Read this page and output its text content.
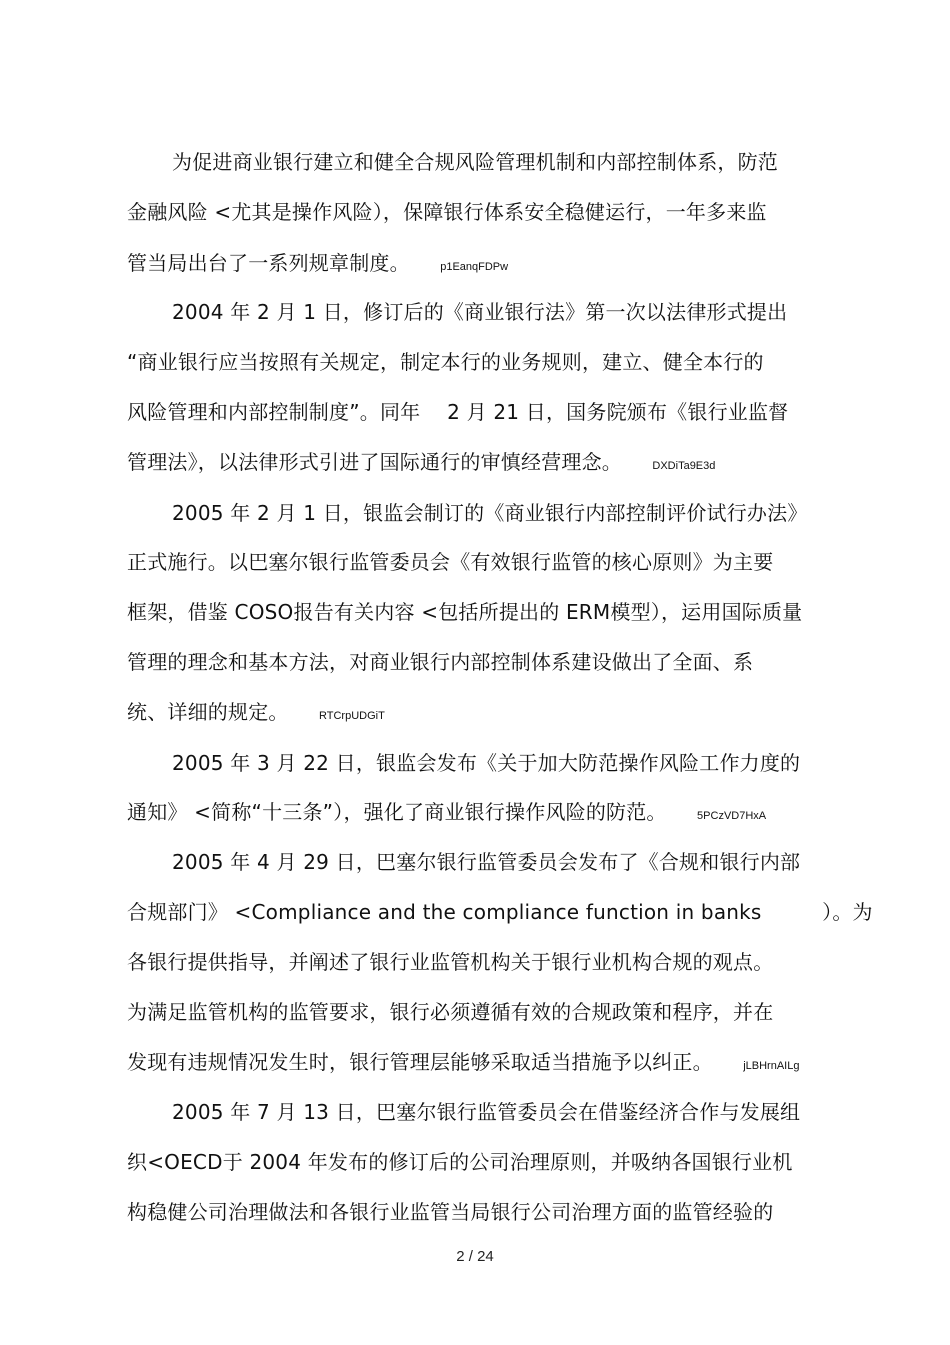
为促进商业银行建立和健全合规风险管理机制和内部控制体系，防范
金融风险 <尤其是操作风险），保障银行体系安全稳健运行，一年多来监
管当局出台了一系列规章制度。　　	p1EanqFDPw
2004 年 2 月 1 日，修订后的《商业银行法》第一次以法律形式提出
“商业银行应当按照有关规定，制定本行的业务规则，建立、健全本行的
风险管理和内部控制制度”。同年　 2 月 21 日，国务院颁布《银行业监督
管理法》，以法律形式引进了国际通行的审慎经营理念。　　	DXDiTa9E3d
2005 年 2 月 1 日，银监会制订的《商业银行内部控制评价试行办法》
正式施行。以巴塞尔银行监管委员会《有效银行监管的核心原则》为主要
框架，借鉴 COSO报告有关内容 <包括所提出的 ERM模型），运用国际质量
管理的理念和基本方法，对商业银行内部控制体系建设做出了全面、系
统、详细的规定。　　	RTCrpUDGiT
2005 年 3 月 22 日，银监会发布《关于加大防范操作风险工作力度的
通知》 <简称“十三条”），强化了商业银行操作风险的防范。　　	5PCzVD7HxA
2005 年 4 月 29 日，巴塞尔银行监管委员会发布了《合规和银行内部
合规部门》 <Compliance and the compliance function in banks　　　）。为
各银行提供指导，并阐述了银行业监管机构关于银行业机构合规的观点。
为满足监管机构的监管要求，银行必须遵循有效的合规政策和程序，并在
发现有违规情况发生时，银行管理层能够采取适当措施予以纠正。　　	jLBHrnAILg
2005 年 7 月 13 日，巴塞尔银行监管委员会在借鉴经济合作与发展组
织<OECD于 2004 年发布的修订后的公司治理原则，并吸纳各国银行业机
构稳健公司治理做法和各银行业监管当局银行公司治理方面的监管经验的
2 / 24
